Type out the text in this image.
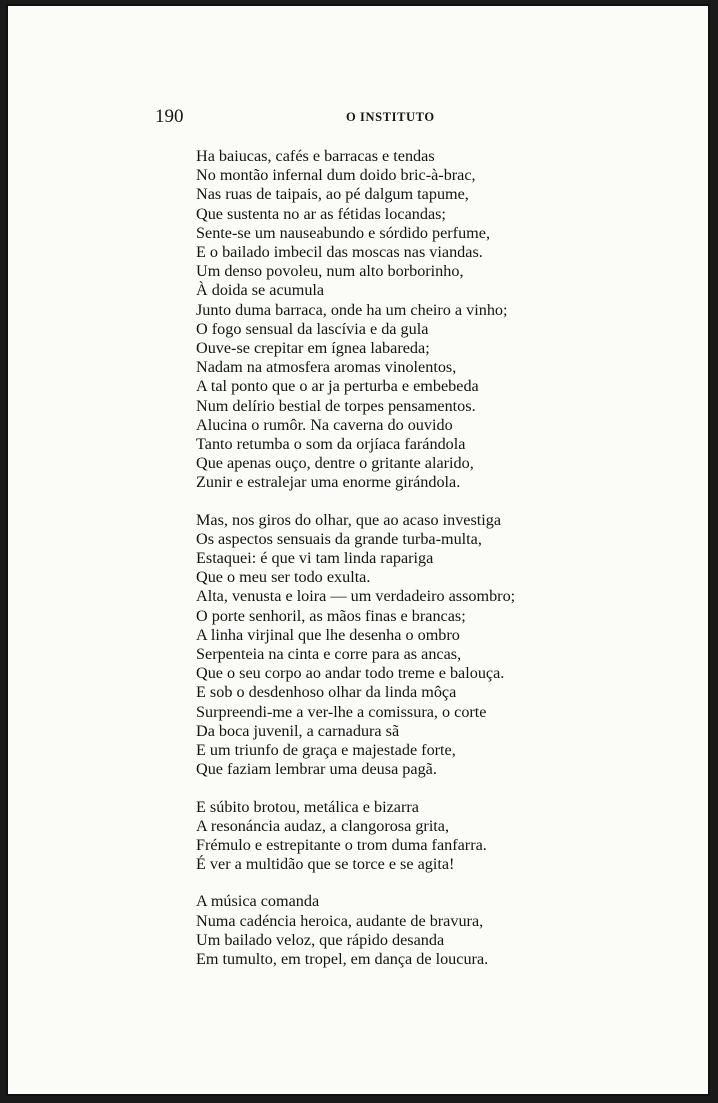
190	O INSTITUTO
Ha baiucas, cafés e barracas e tendas
No montão infernal dum doido bric-à-brac,
Nas ruas de taipais, ao pé dalgum tapume,
Que sustenta no ar as fétidas locandas;
Sente-se um nauseabundo e sórdido perfume,
E o bailado imbecil das moscas nas viandas.
Um denso povoleu, num alto borborinho,
À doida se acumula
Junto duma barraca, onde ha um cheiro a vinho;
O fogo sensual da lascívia e da gula
Ouve-se crepitar em ígnea labareda;
Nadam na atmosfera aromas vinolentos,
A tal ponto que o ar ja perturba e embebeda
Num delírio bestial de torpes pensamentos.
Alucina o rumôr. Na caverna do ouvido
Tanto retumba o som da orjíaca farándola
Que apenas ouço, dentre o gritante alarido,
Zunir e estralejar uma enorme girándola.
Mas, nos giros do olhar, que ao acaso investiga
Os aspectos sensuais da grande turba-multa,
Estaquei: é que vi tam linda rapariga
Que o meu ser todo exulta.
Alta, venusta e loira — um verdadeiro assombro;
O porte senhoril, as mãos finas e brancas;
A linha virjinal que lhe desenha o ombro
Serpenteia na cinta e corre para as ancas,
Que o seu corpo ao andar todo treme e balouça.
E sob o desdenhoso olhar da linda môça
Surpreendi-me a ver-lhe a comissura, o corte
Da boca juvenil, a carnadura sã
E um triunfo de graça e majestade forte,
Que faziam lembrar uma deusa pagã.
E súbito brotou, metálica e bizarra
A resonáncia audaz, a clangorosa grita,
Frémulo e estrepitante o trom duma fanfarra.
É ver a multidão que se torce e se agita!
A música comanda
Numa cadéncia heroica, audante de bravura,
Um bailado veloz, que rápido desanda
Em tumulto, em tropel, em dança de loucura.
